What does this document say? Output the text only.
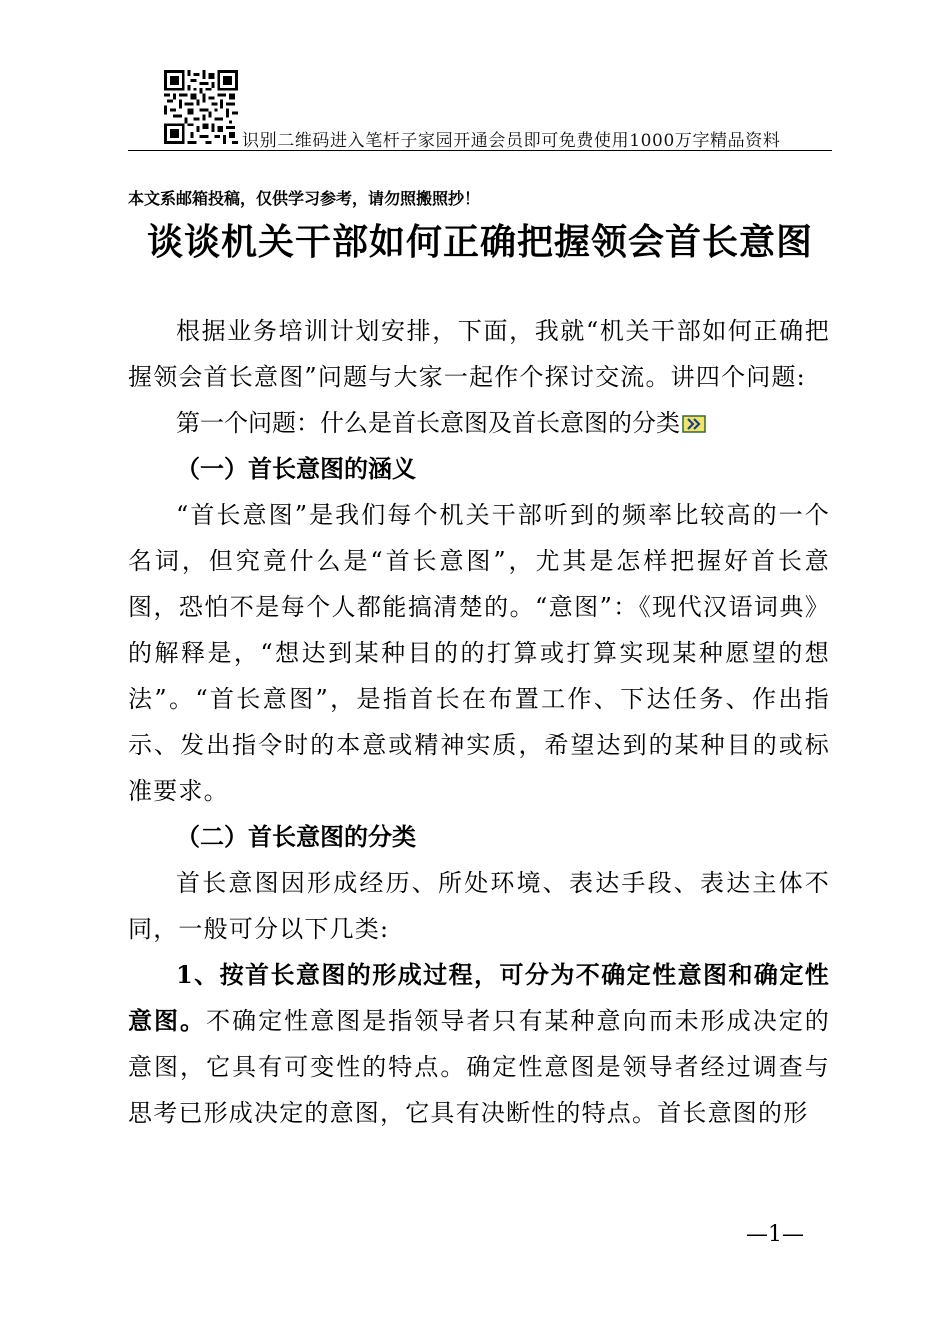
识别二维码进入笔杆子家园开通会员即可免费使用1000万字精品资料
本文系邮箱投稿，仅供学习参考，请勿照搬照抄！
谈谈机关干部如何正确把握领会首长意图

根据业务培训计划安排，下面，我就“机关干部如何正确把握领会首长意图”问题与大家一起作个探讨交流。讲四个问题:

第一个问题：什么是首长意图及首长意图的分类

（一）首长意图的涵义

“首长意图”是我们每个机关干部听到的频率比较高的一个名词，但究竟什么是“首长意图”，尤其是怎样把握好首长意图，恐怕不是每个人都能搞清楚的。“意图”：《现代汉语词典》的解释是，“想达到某种目的的打算或打算实现某种愿望的想法”。“首长意图”，是指首长在布置工作、下达任务、作出指示、发出指令时的本意或精神实质，希望达到的某种目的或标准要求。

（二）首长意图的分类

首长意图因形成经历、所处环境、表达手段、表达主体不同，一般可分以下几类:

1、按首长意图的形成过程，可分为不确定性意图和确定性意图。不确定性意图是指领导者只有某种意向而未形成决定的意图，它具有可变性的特点。确定性意图是领导者经过调查与思考已形成决定的意图，它具有决断性的特点。首长意图的形

—1—
